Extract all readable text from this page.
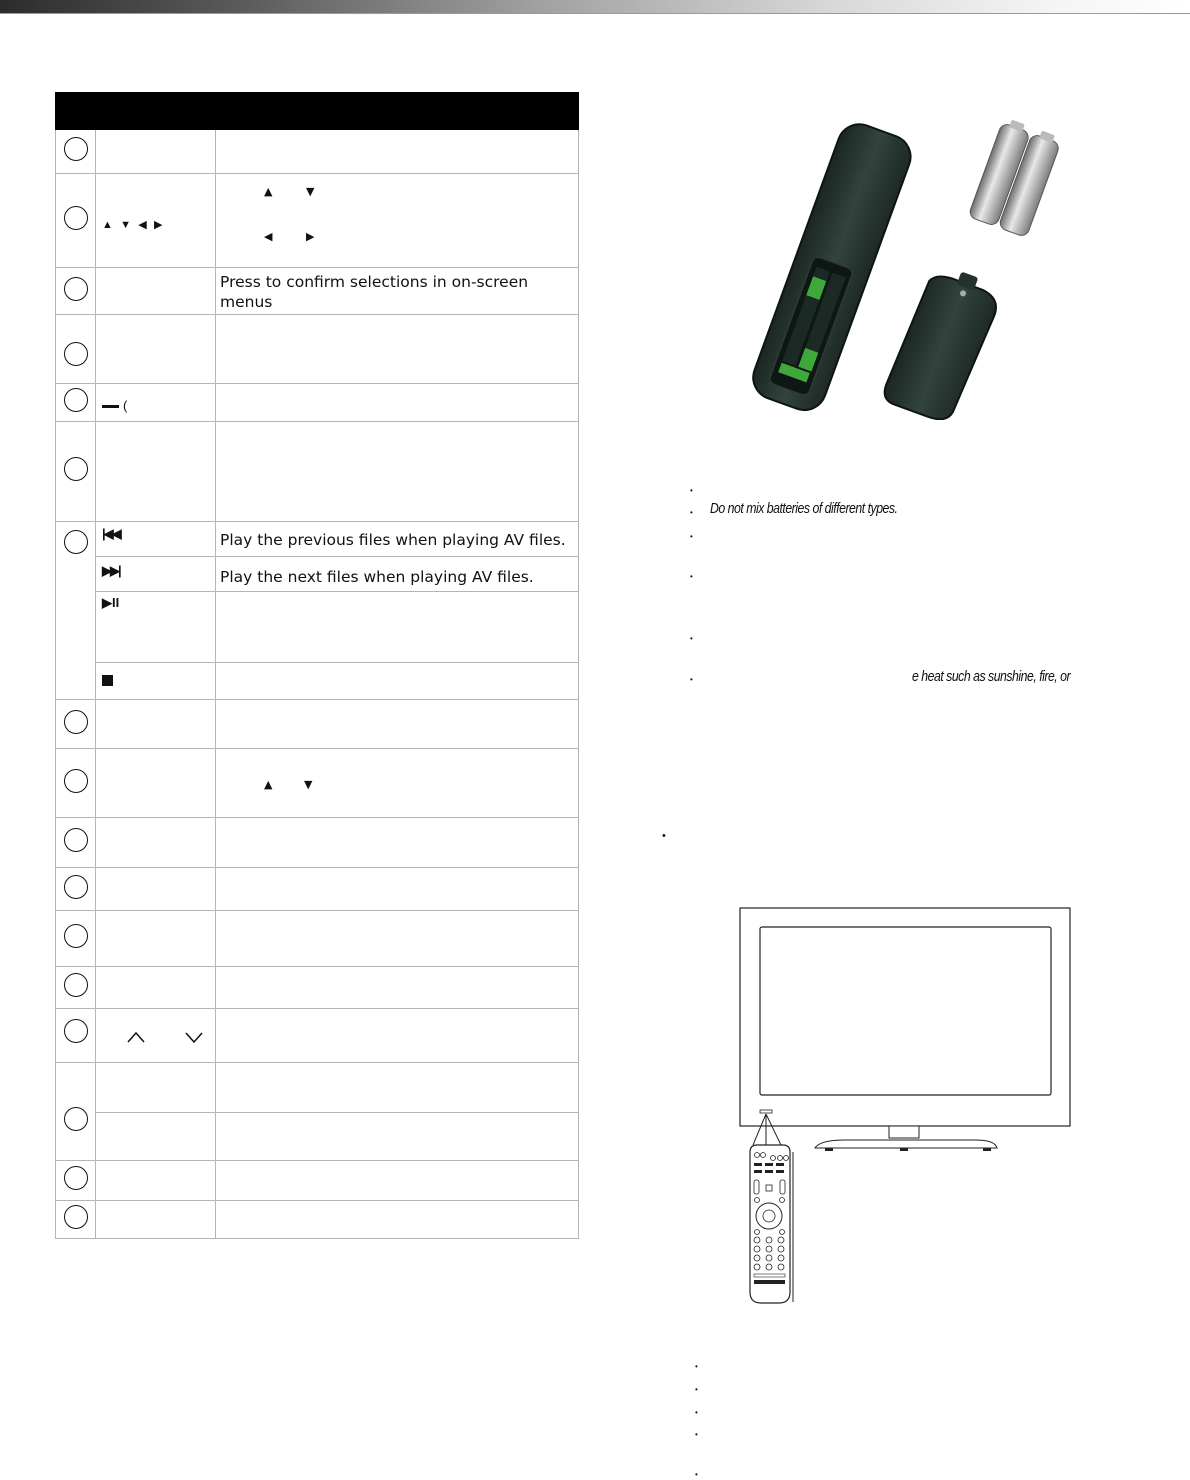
	▲ ▼ ◀ ▶	▲ ▼
◀ ▶

		Press to confirm selections in on-screen menus

	(	

	|◀◀	Play the previous files when playing AV files.
	▶▶|	Play the next files when playing AV files.
	▶II	

		▲ ▼

•
• Do not mix batteries of different types.
•
•
•
•	e heat such as sunshine, fire, or
•
•
•
•
•
•
